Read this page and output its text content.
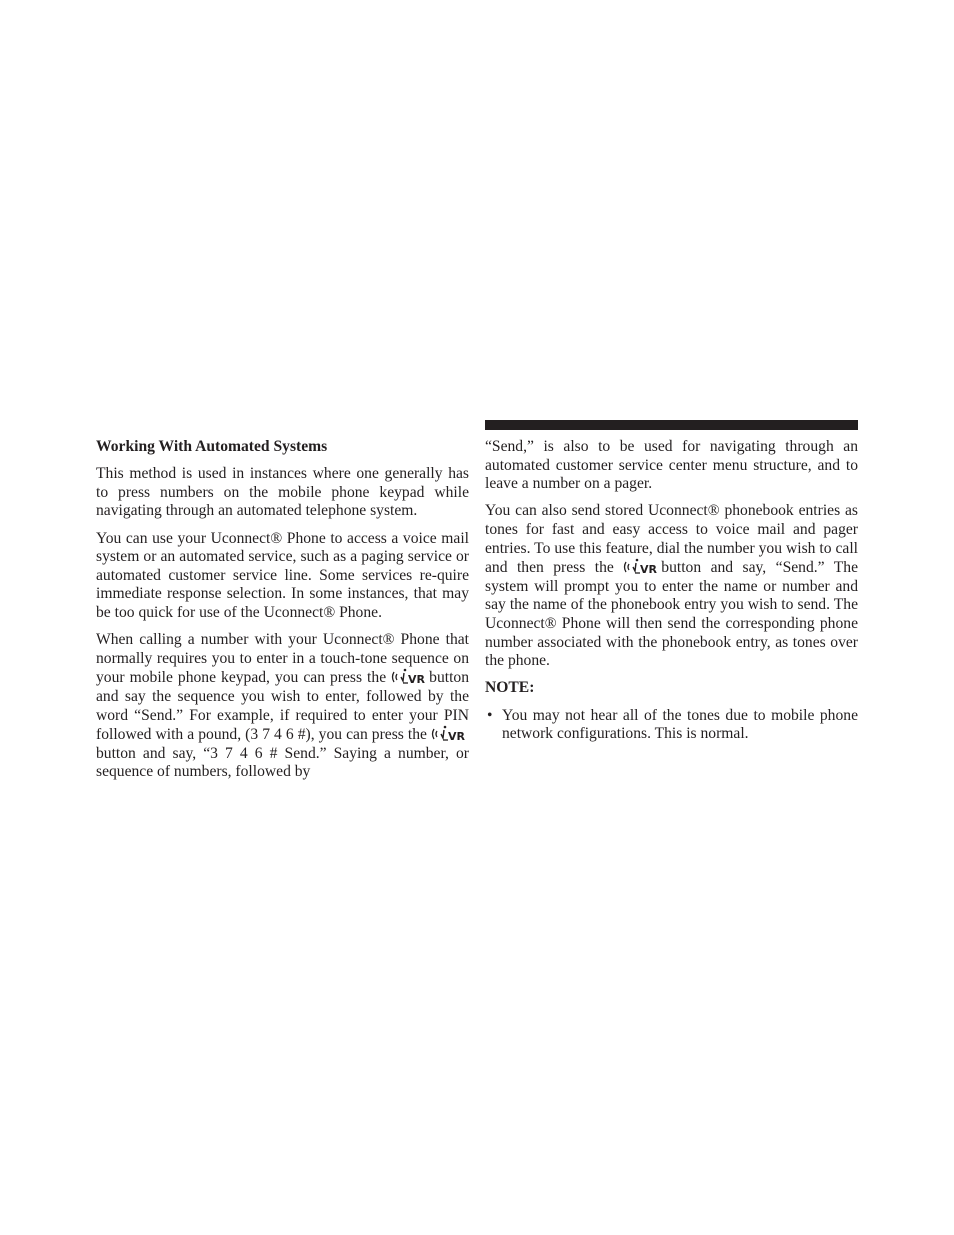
Working With Automated Systems

This method is used in instances where one generally has to press numbers on the mobile phone keypad while navigating through an automated telephone system.

You can use your Uconnect® Phone to access a voice mail system or an automated service, such as a paging service or automated customer service line. Some services re-quire immediate response selection. In some instances, that may be too quick for use of the Uconnect® Phone.

When calling a number with your Uconnect® Phone that normally requires you to enter in a touch-tone sequence on your mobile phone keypad, you can press the VR button and say the sequence you wish to enter, followed by the word “Send.” For example, if required to enter your PIN followed with a pound, (3 7 4 6 #), you can press the VR
button and say, “3 7 4 6 # Send.” Saying a number, or sequence of numbers, followed by

“Send,” is also to be used for navigating through an automated customer service center menu structure, and to leave a number on a pager.

You can also send stored Uconnect® phonebook entries as tones for fast and easy access to voice mail and pager entries. To use this feature, dial the number you wish to call and then press the VR button and say, “Send.” The system will prompt you to enter the name or number and say the name of the phonebook entry you wish to send. The Uconnect® Phone will then send the corresponding phone number associated with the phonebook entry, as tones over the phone.

NOTE:
• You may not hear all of the tones due to mobile phone network configurations. This is normal.
